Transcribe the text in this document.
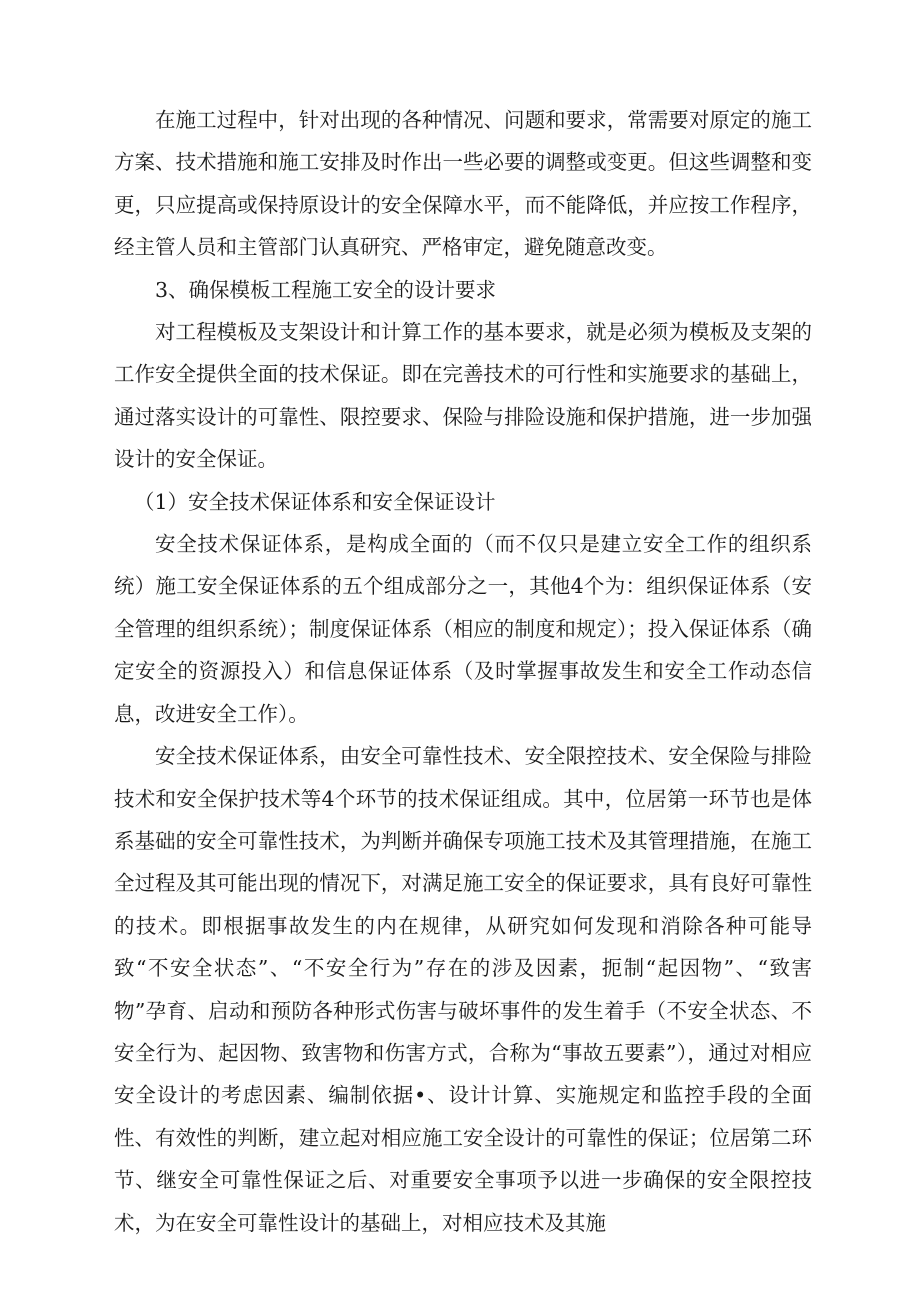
在施工过程中，针对出现的各种情况、问题和要求，常需要对原定的施工方案、技术措施和施工安排及时作出一些必要的调整或变更。但这些调整和变更，只应提高或保持原设计的安全保障水平，而不能降低，并应按工作程序，经主管人员和主管部门认真研究、严格审定，避免随意改变。

3、确保模板工程施工安全的设计要求

对工程模板及支架设计和计算工作的基本要求，就是必须为模板及支架的工作安全提供全面的技术保证。即在完善技术的可行性和实施要求的基础上，通过落实设计的可靠性、限控要求、保险与排险设施和保护措施，进一步加强设计的安全保证。

（1）安全技术保证体系和安全保证设计

安全技术保证体系，是构成全面的（而不仅只是建立安全工作的组织系统）施工安全保证体系的五个组成部分之一，其他4个为：组织保证体系（安全管理的组织系统）；制度保证体系（相应的制度和规定）；投入保证体系（确定安全的资源投入）和信息保证体系（及时掌握事故发生和安全工作动态信息，改进安全工作）。

安全技术保证体系，由安全可靠性技术、安全限控技术、安全保险与排险技术和安全保护技术等4个环节的技术保证组成。其中，位居第一环节也是体系基础的安全可靠性技术，为判断并确保专项施工技术及其管理措施，在施工全过程及其可能出现的情况下，对满足施工安全的保证要求，具有良好可靠性的技术。即根据事故发生的内在规律，从研究如何发现和消除各种可能导致“不安全状态”、“不安全行为”存在的涉及因素，扼制“起因物”、“致害物”孕育、启动和预防各种形式伤害与破坏事件的发生着手（不安全状态、不安全行为、起因物、致害物和伤害方式，合称为“事故五要素”），通过对相应安全设计的考虑因素、编制依据•、设计计算、实施规定和监控手段的全面性、有效性的判断，建立起对相应施工安全设计的可靠性的保证；位居第二环节、继安全可靠性保证之后、对重要安全事项予以进一步确保的安全限控技术，为在安全可靠性设计的基础上，对相应技术及其施
